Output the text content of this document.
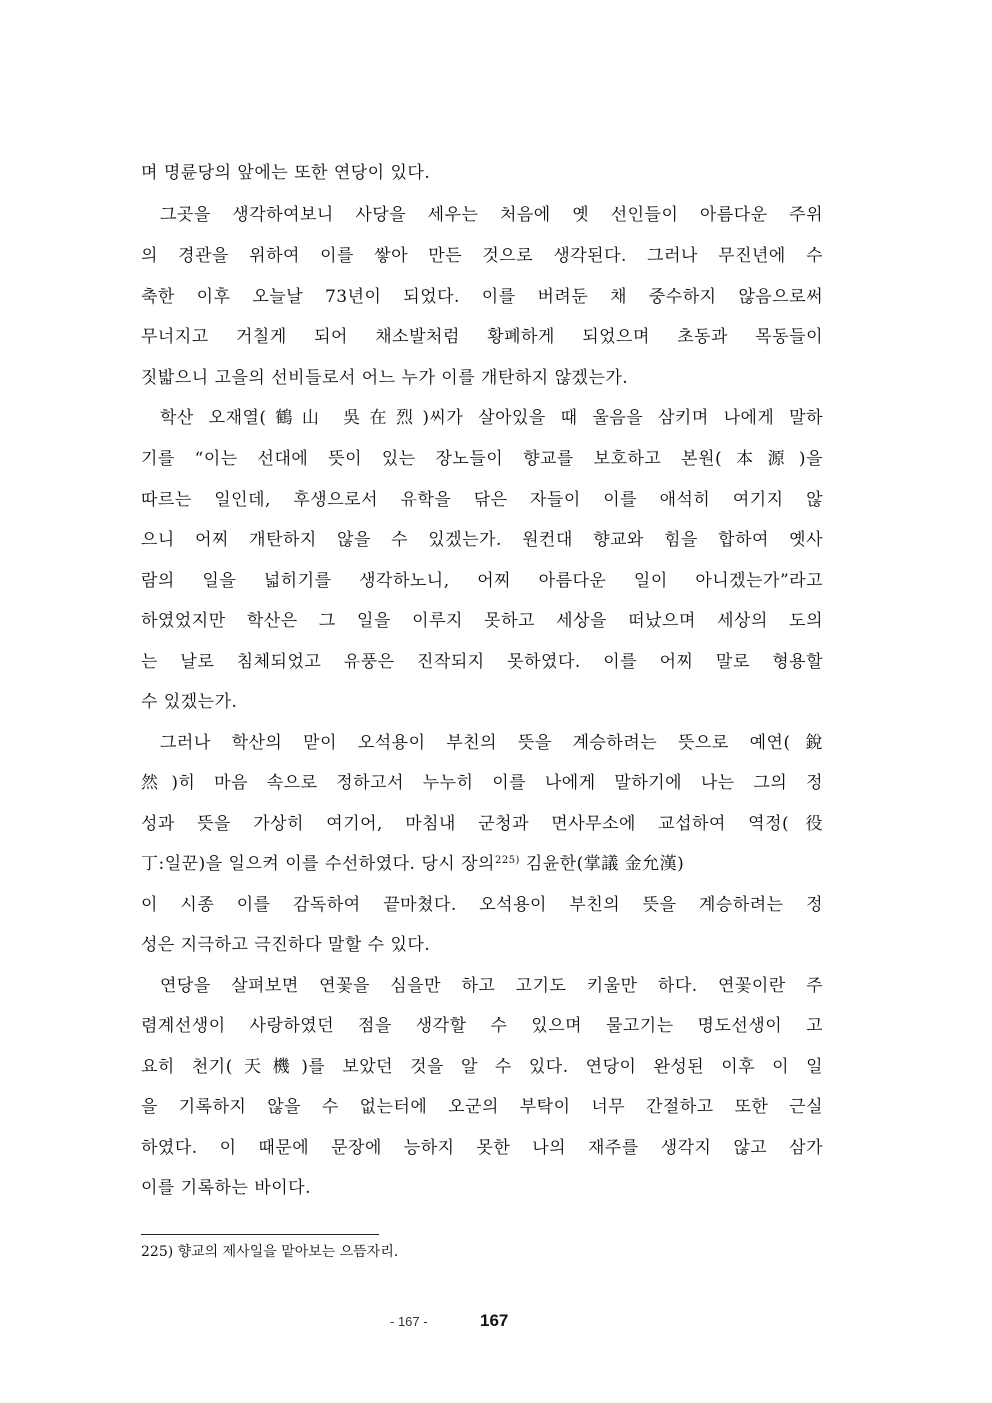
며 명륜당의 앞에는 또한 연당이 있다.
그곳을 생각하여보니 사당을 세우는 처음에 옛 선인들이 아름다운 주위
의 경관을 위하여 이를 쌓아 만든 것으로 생각된다. 그러나 무진년에 수
축한 이후 오늘날 73년이 되었다. 이를 버려둔 채 중수하지 않음으로써
무너지고 거칠게 되어 채소발처럼 황폐하게 되었으며 초동과 목동들이
짓밟으니 고을의 선비들로서 어느 누가 이를 개탄하지 않겠는가.
학산 오재열(鶴山 吳在烈)씨가 살아있을 때 울음을 삼키며 나에게 말하
기를 “이는 선대에 뜻이 있는 장노들이 향교를 보호하고 본원(本源)을
따르는 일인데, 후생으로서 유학을 닦은 자들이 이를 애석히 여기지 않
으니 어찌 개탄하지 않을 수 있겠는가. 원컨대 향교와 힘을 합하여 옛사
람의 일을 넓히기를 생각하노니, 어찌 아름다운 일이 아니겠는가”라고
하였었지만 학산은 그 일을 이루지 못하고 세상을 떠났으며 세상의 도의
는 날로 침체되었고 유풍은 진작되지 못하였다. 이를 어찌 말로 형용할
수 있겠는가.
그러나 학산의 맏이 오석용이 부친의 뜻을 계승하려는 뜻으로 예연(銳
然)히 마음 속으로 정하고서 누누히 이를 나에게 말하기에 나는 그의 정
성과 뜻을 가상히 여기어, 마침내 군청과 면사무소에 교섭하여 역정(役
丁:일꾼)을 일으켜 이를 수선하였다. 당시 장의$^{225)}$ 김윤한(掌議 金允漢)
이 시종 이를 감독하여 끝마쳤다. 오석용이 부친의 뜻을 계승하려는 정
성은 지극하고 극진하다 말할 수 있다.
연당을 살펴보면 연꽃을 심을만 하고 고기도 키울만 하다. 연꽃이란 주
렴계선생이 사랑하였던 점을 생각할 수 있으며 물고기는 명도선생이 고
요히 천기(天機)를 보았던 것을 알 수 있다. 연당이 완성된 이후 이 일
을 기록하지 않을 수 없는터에 오군의 부탁이 너무 간절하고 또한 근실
하였다. 이 때문에 문장에 능하지 못한 나의 재주를 생각지 않고 삼가
이를 기록하는 바이다.
225) 향교의 제사일을 맡아보는 으뜸자리.
- 167 -	167
